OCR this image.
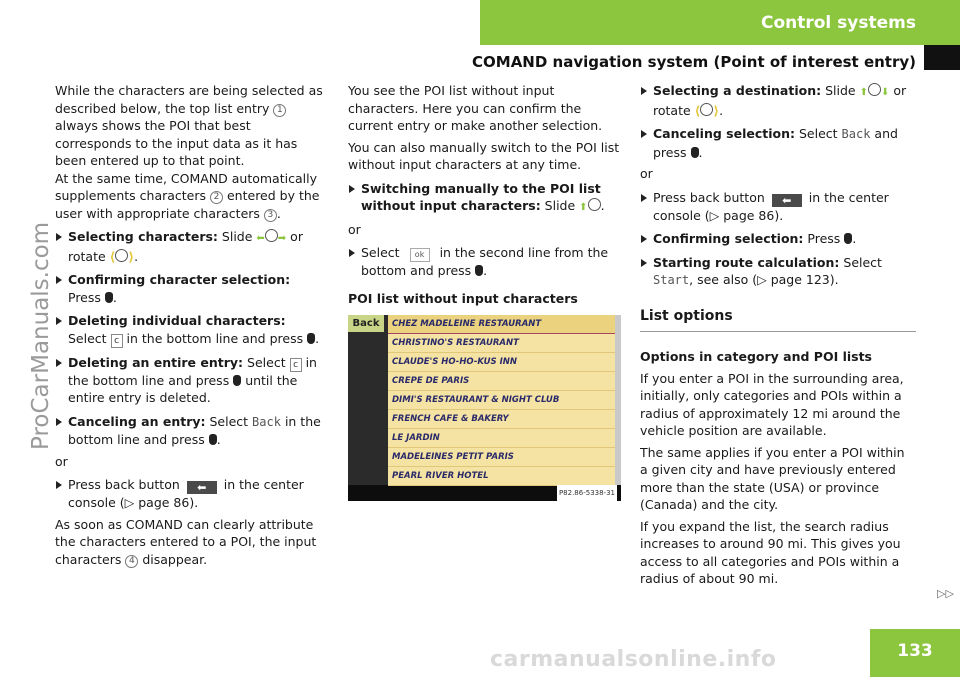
Control systems
COMAND navigation system (Point of interest entry)
ProCarManuals.com

While the characters are being selected as described below, the top list entry 1 always shows the POI that best corresponds to the input data as it has been entered up to that point.
At the same time, COMAND automatically supplements characters 2 entered by the user with appropriate characters 3 .

Selecting characters: Slide ⬅ ➡ or rotate ⟨ ⟩.
Confirming character selection:
Press .
Deleting individual characters:
Select c in the bottom line and press .
Deleting an entire entry: Select c in the bottom line and press until the entire entry is deleted.
Canceling an entry: Select Back in the bottom line and press .

or

Press back button ⬅ in the center console (▷ page 86).

As soon as COMAND can clearly attribute the characters entered to a POI, the input characters 4 disappear.

You see the POI list without input characters. Here you can confirm the current entry or make another selection.

You can also manually switch to the POI list without input characters at any time.

Switching manually to the POI list without input characters: Slide ⬆ .

or

Select ok in the second line from the bottom and press .

POI list without input characters

Back	CHEZ MADELEINE RESTAURANT
CHRISTINO'S RESTAURANT
CLAUDE'S HO-HO-KUS INN
CREPE DE PARIS
DIMI'S RESTAURANT & NIGHT CLUB
FRENCH CAFE & BAKERY
LE JARDIN
MADELEINES PETIT PARIS
PEARL RIVER HOTEL
P82.86-5338-31
Selecting a destination: Slide ⬆ ⬇ or rotate ⟨ ⟩.
Canceling selection: Select Back and press .

or

Press back button ⬅ in the center console (▷ page 86).
Confirming selection: Press .
Starting route calculation: Select Start, see also (▷ page 123).
List options

Options in category and POI lists

If you enter a POI in the surrounding area, initially, only categories and POIs within a radius of approximately 12 mi around the vehicle position are available.

The same applies if you enter a POI within a given city and have previously entered more than the state (USA) or province (Canada) and the city.

If you expand the list, the search radius increases to around 90 mi. This gives you access to all categories and POIs within a radius of about 90 mi.

▷▷
133
carmanualsonline.info
